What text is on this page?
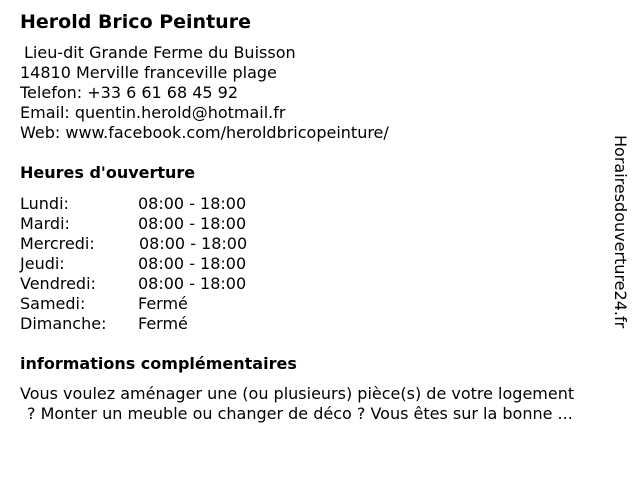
Herold Brico Peinture
Lieu-dit Grande Ferme du Buisson
14810 Merville franceville plage
Telefon: +33 6 61 68 45 92
Email: quentin.herold@hotmail.fr
Web: www.facebook.com/heroldbricopeinture/
Heures d'ouverture
Lundi:	08:00 - 18:00
Mardi:	08:00 - 18:00
Mercredi:	08:00 - 18:00
Jeudi:	08:00 - 18:00
Vendredi:	08:00 - 18:00
Samedi:	Fermé
Dimanche: Fermé
informations complémentaires
Vous voulez aménager une (ou plusieurs) pièce(s) de votre logement
? Monter un meuble ou changer de déco ? Vous êtes sur la bonne ...
Horairesdouverture24.fr
